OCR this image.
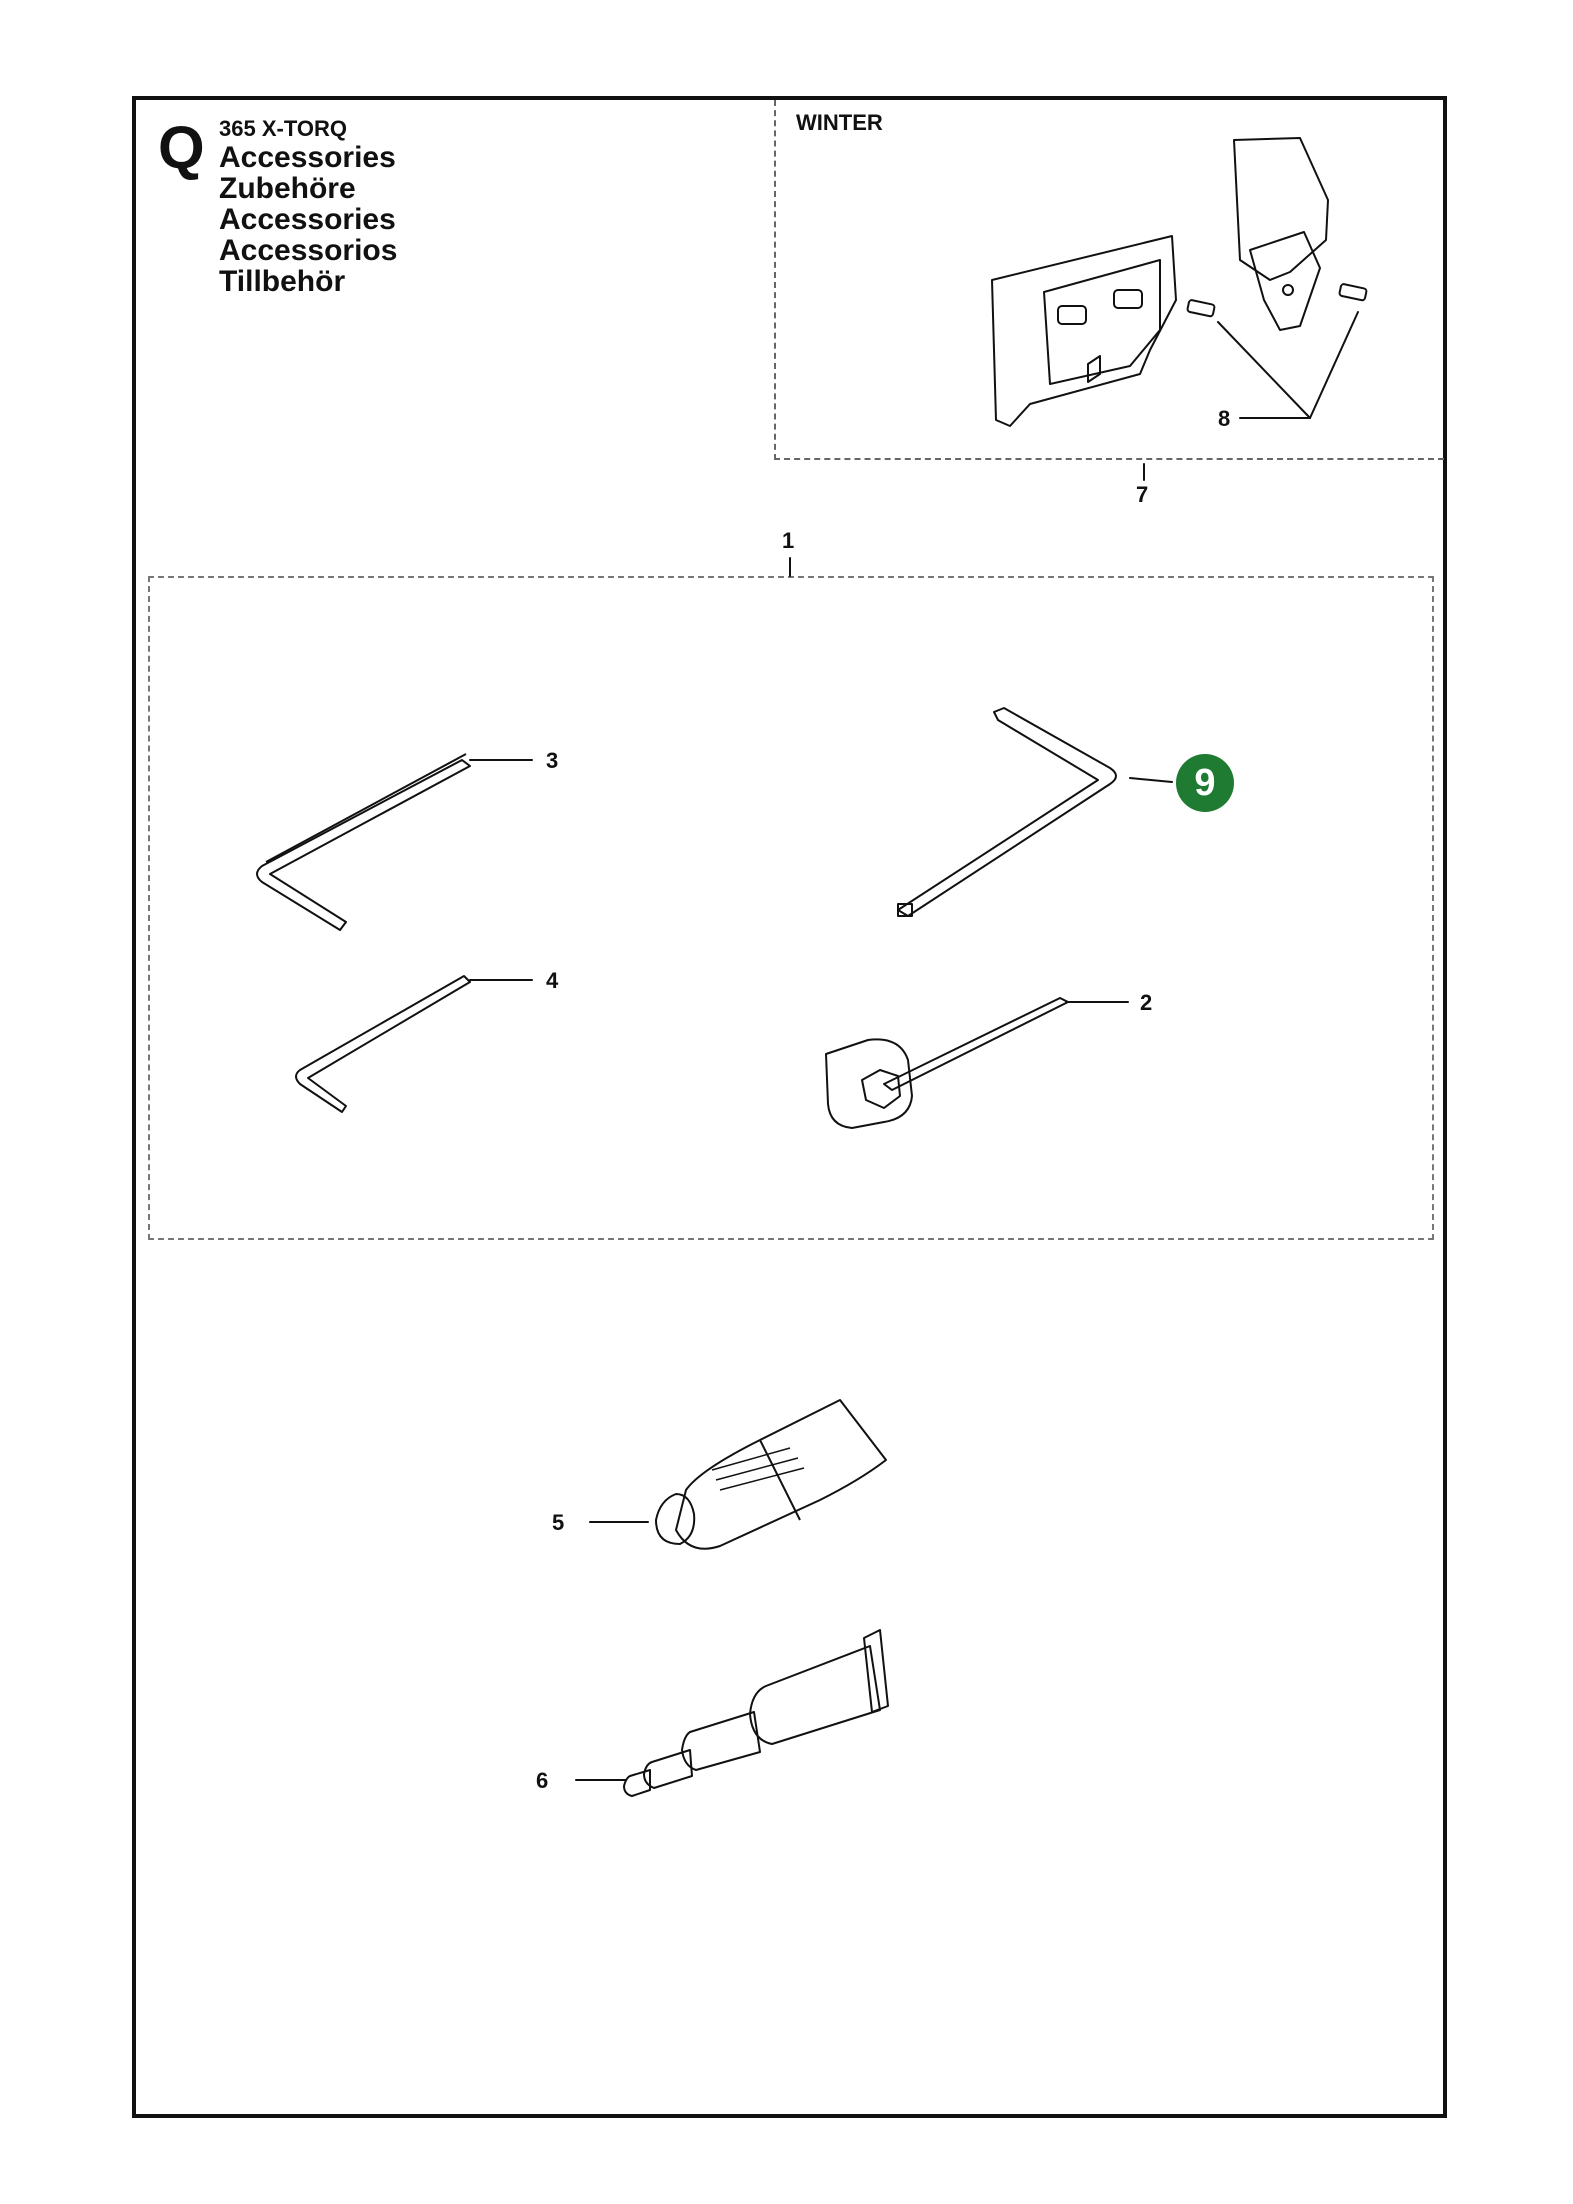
Q 365 X-TORQ
Accessories
Zubehöre
Accessories
Accessorios
Tillbehör
WINTER
1
7
8
3
4
2
5
6
9
